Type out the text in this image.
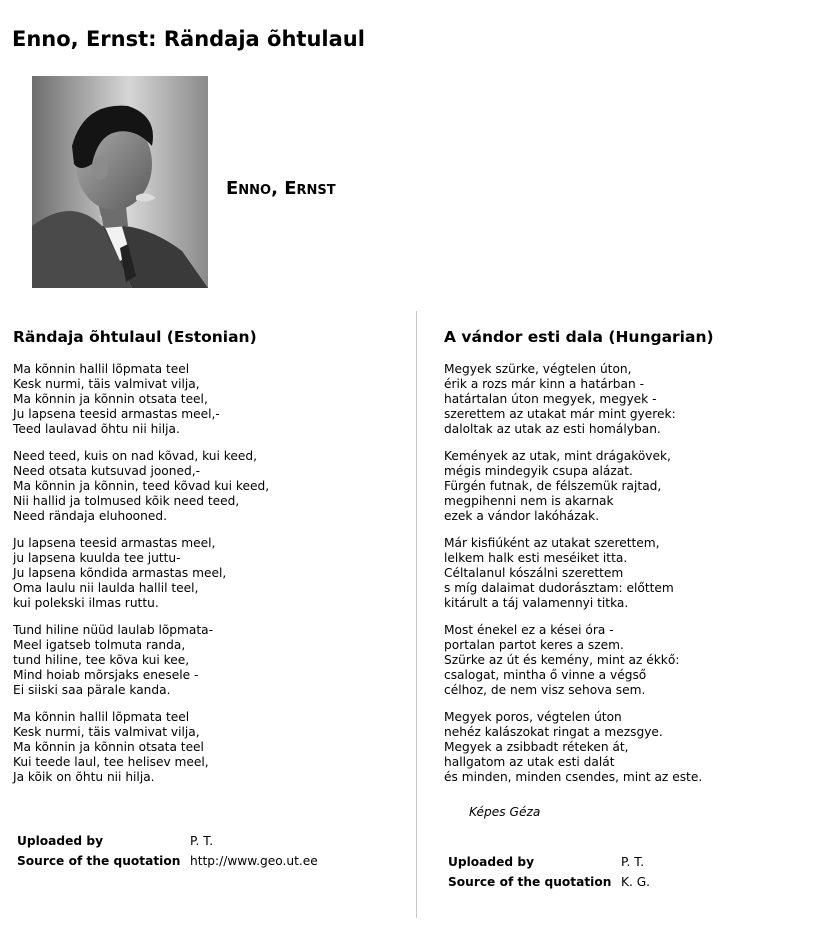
Enno, Ernst: Rändaja õhtulaul
Enno, Ernst
Rändaja õhtulaul (Estonian)
Ma kõnnin hallil lõpmata teel
Kesk nurmi, täis valmivat vilja,
Ma kõnnin ja kõnnin otsata teel,
Ju lapsena teesid armastas meel,-
Teed laulavad õhtu nii hilja.
Need teed, kuis on nad kõvad, kui keed,
Need otsata kutsuvad jooned,-
Ma kõnnin ja kõnnin, teed kõvad kui keed,
Nii hallid ja tolmused kõik need teed,
Need rändaja eluhooned.
Ju lapsena teesid armastas meel,
ju lapsena kuulda tee juttu-
Ju lapsena kõndida armastas meel,
Oma laulu nii laulda hallil teel,
kui polekski ilmas ruttu.
Tund hiline nüüd laulab lõpmata-
Meel igatseb tolmuta randa,
tund hiline, tee kõva kui kee,
Mind hoiab mõrsjaks enesele -
Ei siiski saa pärale kanda.
Ma kõnnin hallil lõpmata teel
Kesk nurmi, täis valmivat vilja,
Ma kõnnin ja kõnnin otsata teel
Kui teede laul, tee helisev meel,
Ja kõik on õhtu nii hilja.
Uploaded by	P. T.
Source of the quotation	http://www.geo.ut.ee
A vándor esti dala (Hungarian)
Megyek szürke, végtelen úton,
érik a rozs már kinn a határban -
határtalan úton megyek, megyek -
szerettem az utakat már mint gyerek:
daloltak az utak az esti homályban.
Kemények az utak, mint drágakövek,
mégis mindegyik csupa alázat.
Fürgén futnak, de félszemük rajtad,
megpihenni nem is akarnak
ezek a vándor lakóházak.
Már kisfiúként az utakat szerettem,
lelkem halk esti meséiket itta.
Céltalanul kószálni szerettem
s míg dalaimat dudorásztam: előttem
kitárult a táj valamennyi titka.
Most énekel ez a kései óra -
portalan partot keres a szem.
Szürke az út és kemény, mint az ékkő:
csalogat, mintha ő vinne a végső
célhoz, de nem visz sehova sem.
Megyek poros, végtelen úton
nehéz kalászokat ringat a mezsgye.
Megyek a zsibbadt réteken át,
hallgatom az utak esti dalát
és minden, minden csendes, mint az este.
Képes Géza
Uploaded by	P. T.
Source of the quotation	K. G.
